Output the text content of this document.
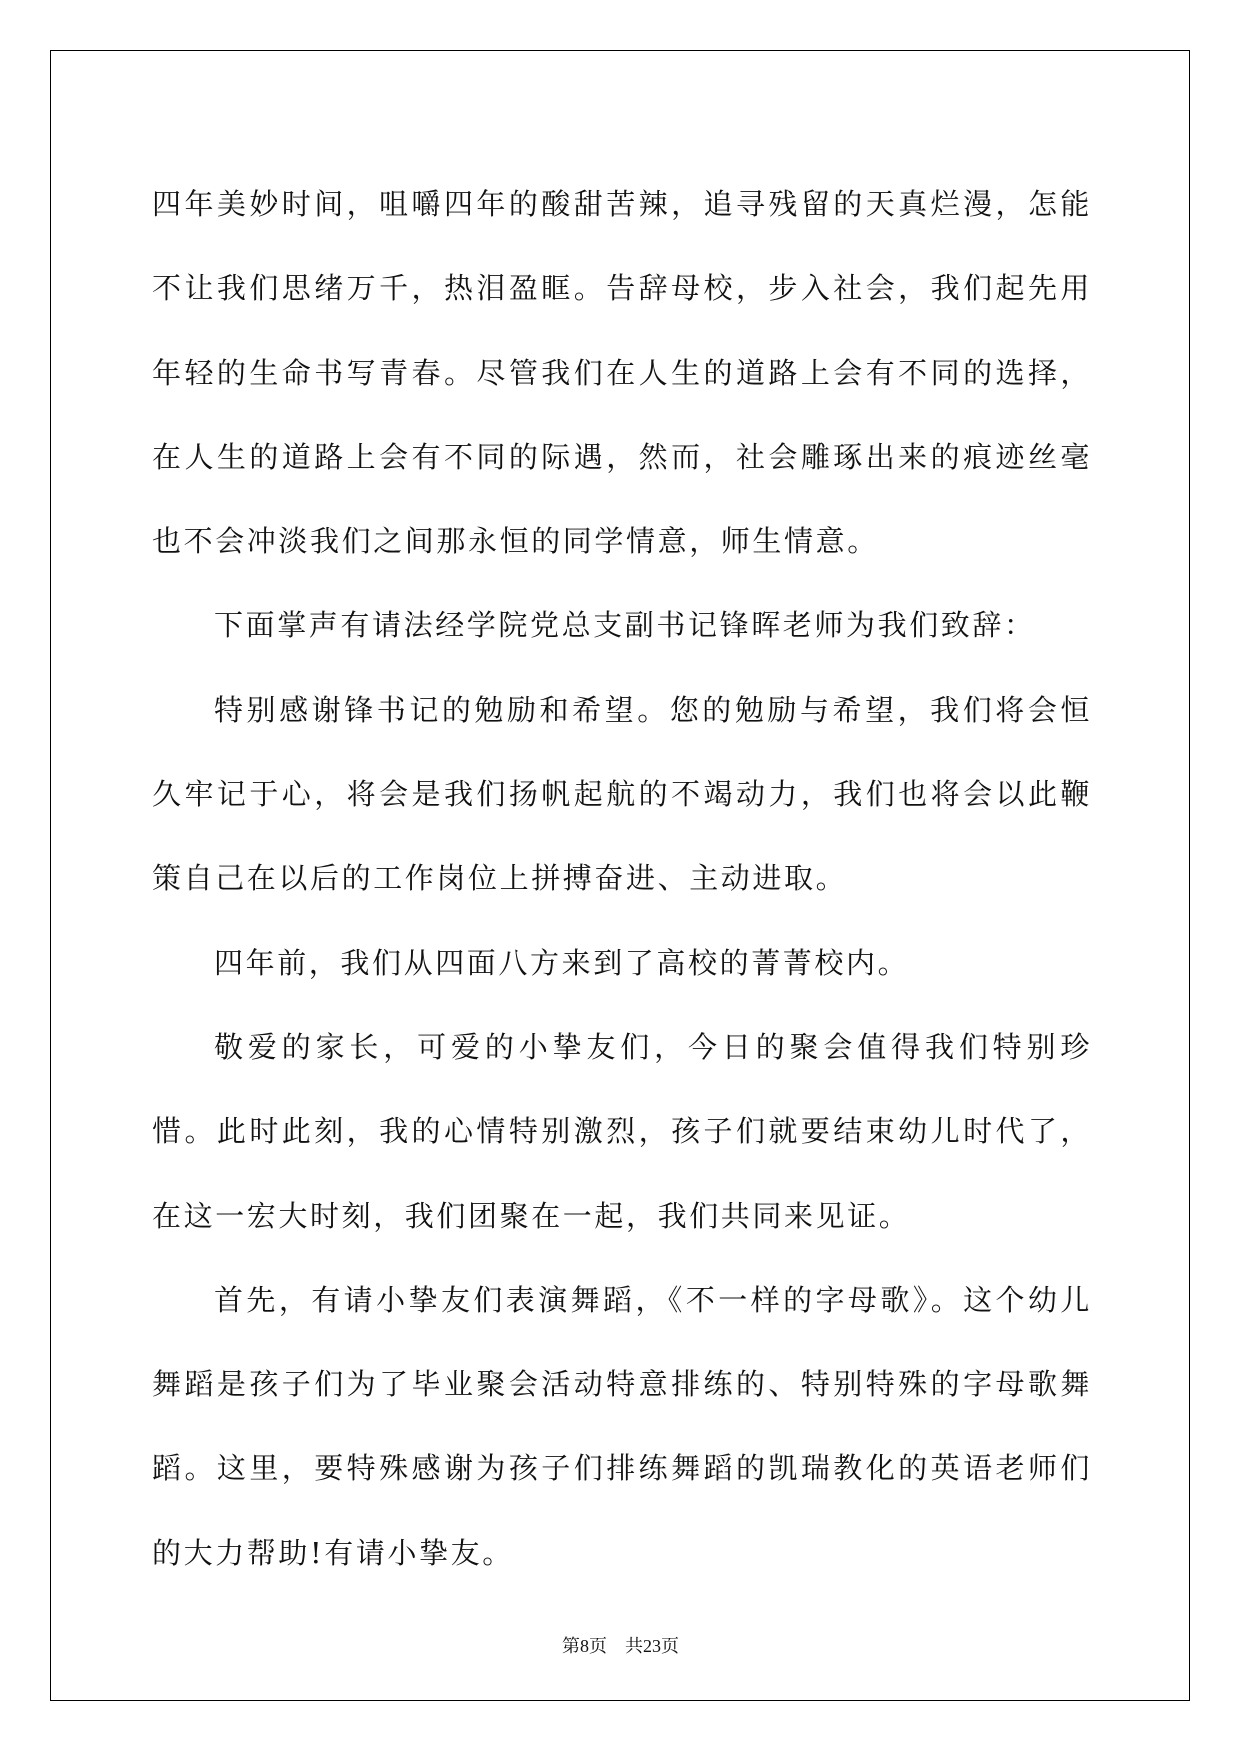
四年美妙时间，咀嚼四年的酸甜苦辣，追寻残留的天真烂漫，怎能不让我们思绪万千，热泪盈眶。告辞母校，步入社会，我们起先用年轻的生命书写青春。尽管我们在人生的道路上会有不同的选择，在人生的道路上会有不同的际遇，然而，社会雕琢出来的痕迹丝毫也不会冲淡我们之间那永恒的同学情意，师生情意。

下面掌声有请法经学院党总支副书记锋晖老师为我们致辞：

特别感谢锋书记的勉励和希望。您的勉励与希望，我们将会恒久牢记于心，将会是我们扬帆起航的不竭动力，我们也将会以此鞭策自己在以后的工作岗位上拼搏奋进、主动进取。

四年前，我们从四面八方来到了高校的菁菁校内。

敬爱的家长，可爱的小挚友们，今日的聚会值得我们特别珍惜。此时此刻，我的心情特别激烈，孩子们就要结束幼儿时代了，在这一宏大时刻，我们团聚在一起，我们共同来见证。

首先，有请小挚友们表演舞蹈，《不一样的字母歌》。这个幼儿舞蹈是孩子们为了毕业聚会活动特意排练的、特别特殊的字母歌舞蹈。这里，要特殊感谢为孩子们排练舞蹈的凯瑞教化的英语老师们的大力帮助!有请小挚友。

第8页　共23页
